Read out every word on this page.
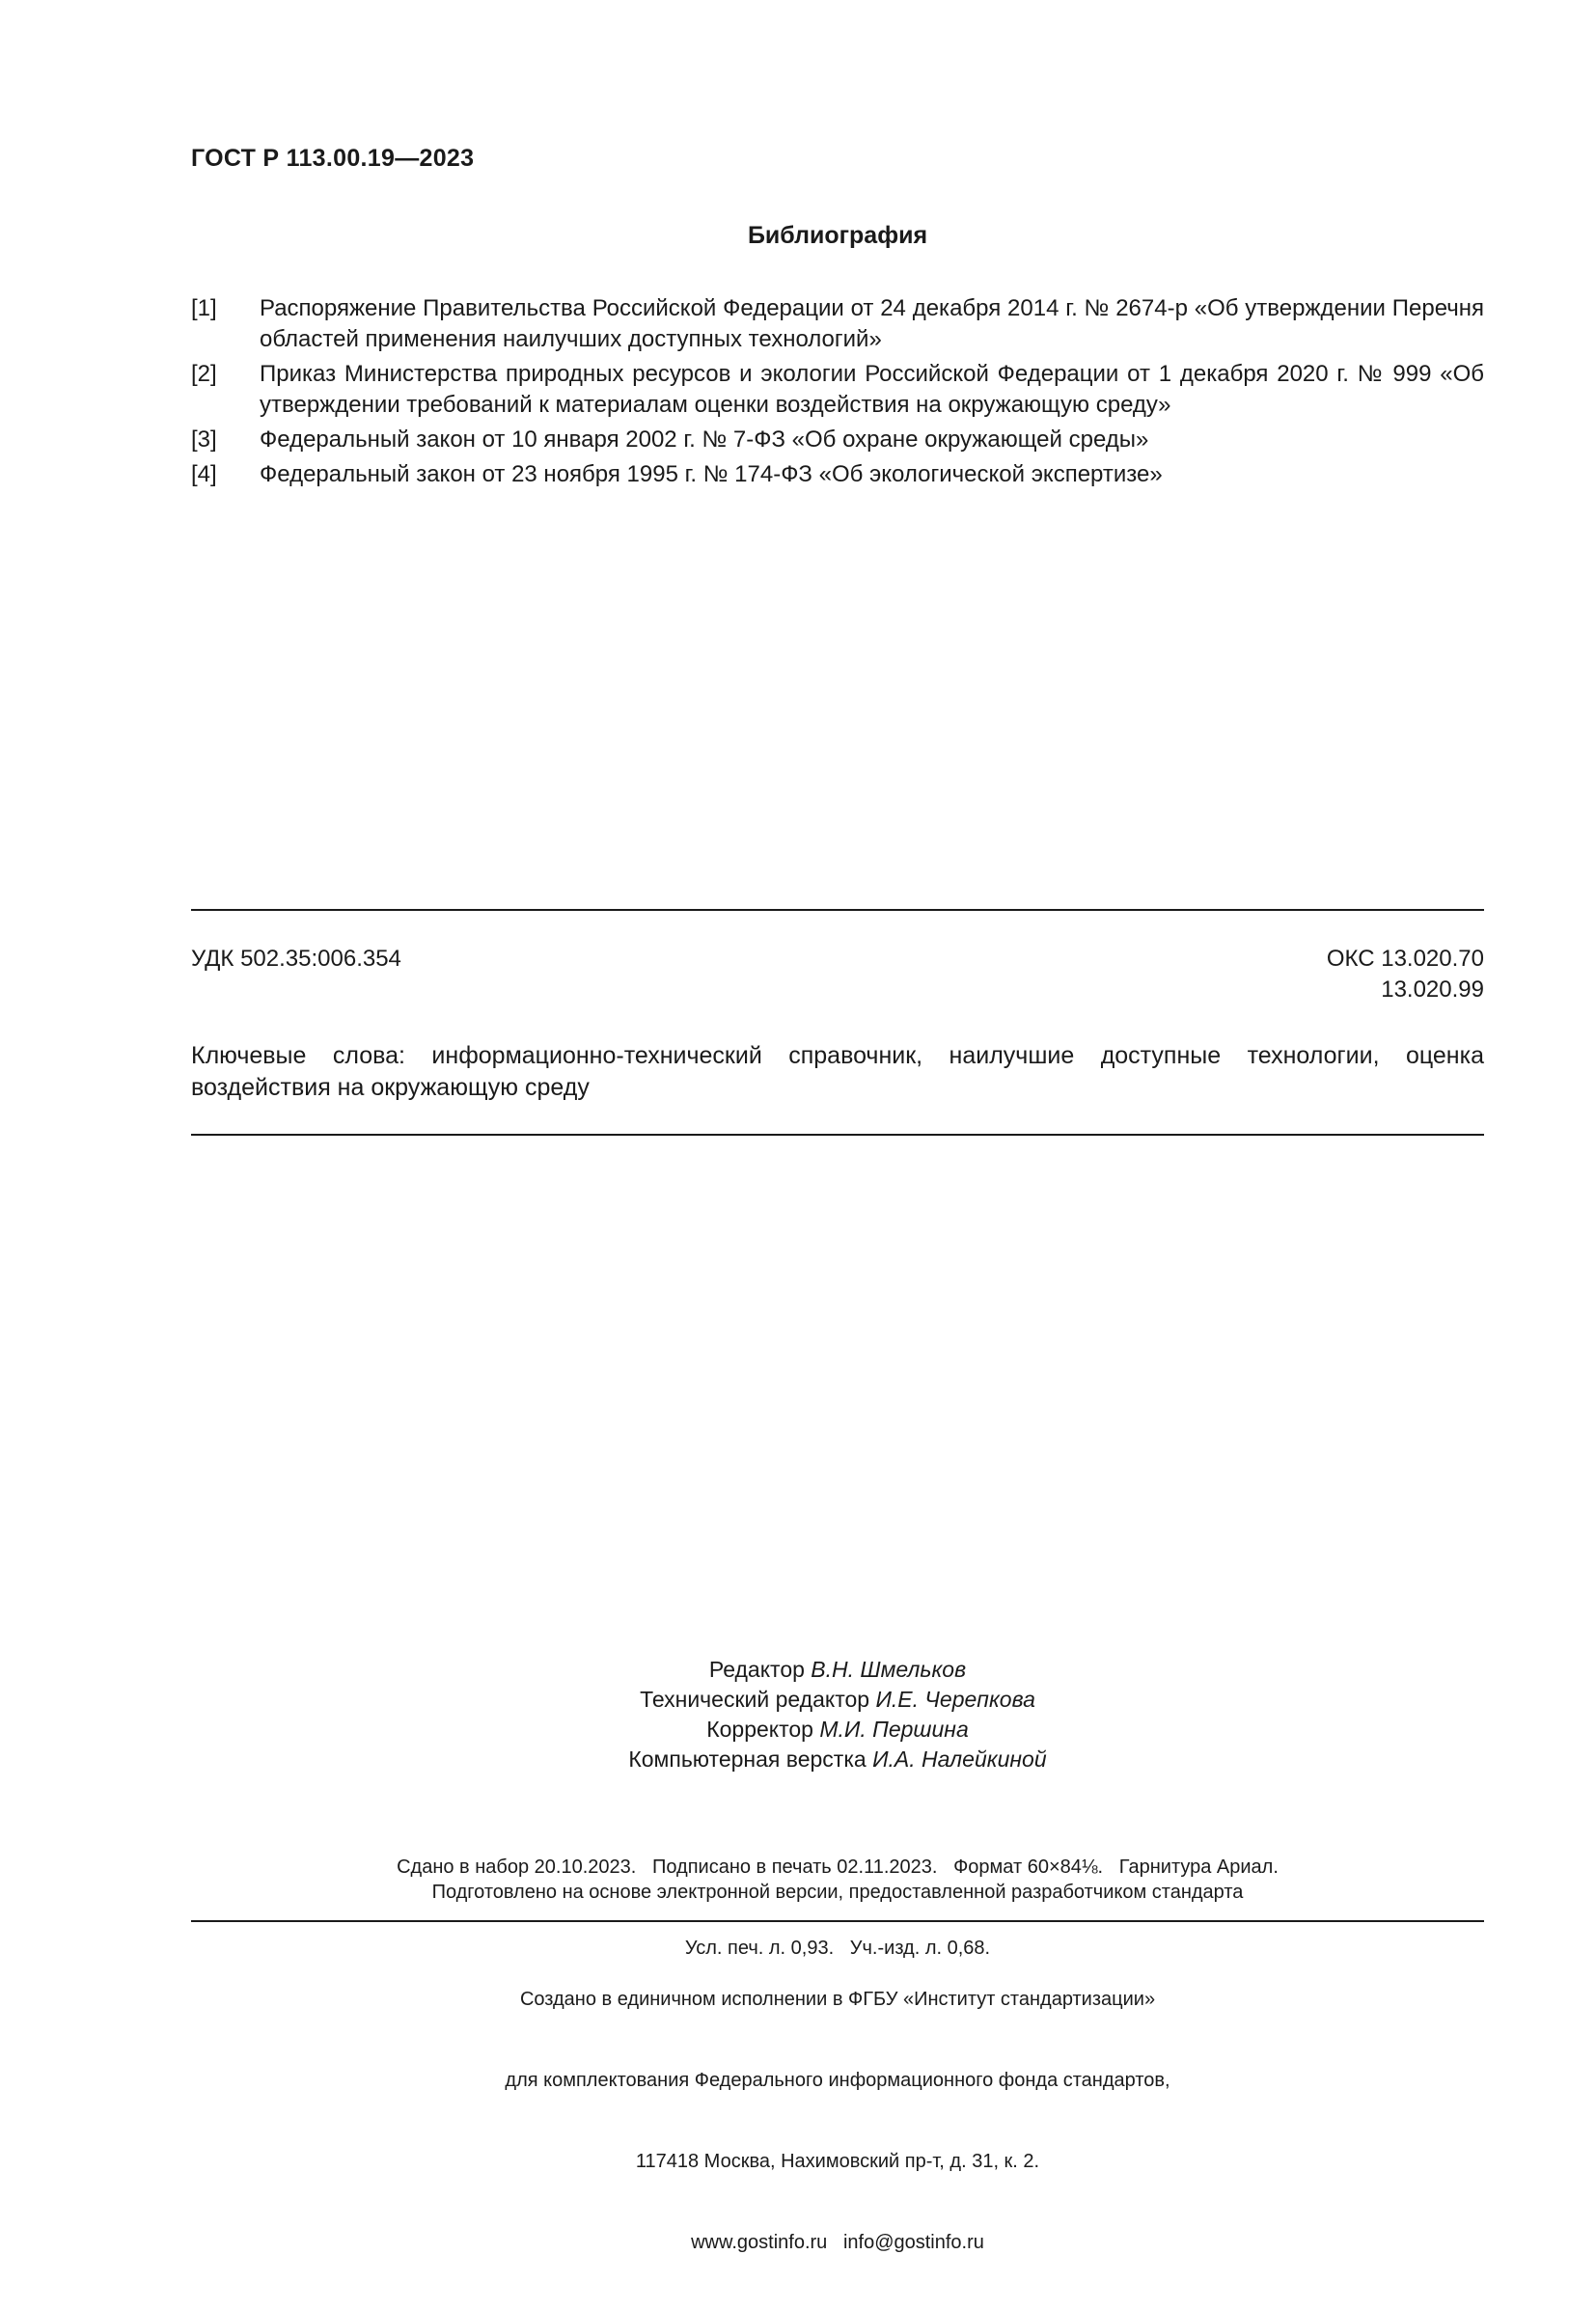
ГОСТ Р 113.00.19—2023
Библиография
[1]	Распоряжение Правительства Российской Федерации от 24 декабря 2014 г. № 2674-р «Об утверждении Перечня областей применения наилучших доступных технологий»
[2]	Приказ Министерства природных ресурсов и экологии Российской Федерации от 1 декабря 2020 г. № 999 «Об утверждении требований к материалам оценки воздействия на окружающую среду»
[3]	Федеральный закон от 10 января 2002 г. № 7-ФЗ «Об охране окружающей среды»
[4]	Федеральный закон от 23 ноября 1995 г. № 174-ФЗ «Об экологической экспертизе»
УДК 502.35:006.354	ОКС 13.020.70
13.020.99
Ключевые слова: информационно-технический справочник, наилучшие доступные технологии, оценка воздействия на окружающую среду
Редактор В.Н. Шмельков
Технический редактор И.Е. Черепкова
Корректор М.И. Першина
Компьютерная верстка И.А. Налейкиной

Сдано в набор 20.10.2023.   Подписано в печать 02.11.2023.   Формат 60×84⅛.   Гарнитура Ариал.

Усл. печ. л. 0,93.   Уч.-изд. л. 0,68.

Подготовлено на основе электронной версии, предоставленной разработчиком стандарта

Создано в единичном исполнении в ФГБУ «Институт стандартизации»

для комплектования Федерального информационного фонда стандартов,

117418 Москва, Нахимовский пр-т, д. 31, к. 2.

www.gostinfo.ru   info@gostinfo.ru
